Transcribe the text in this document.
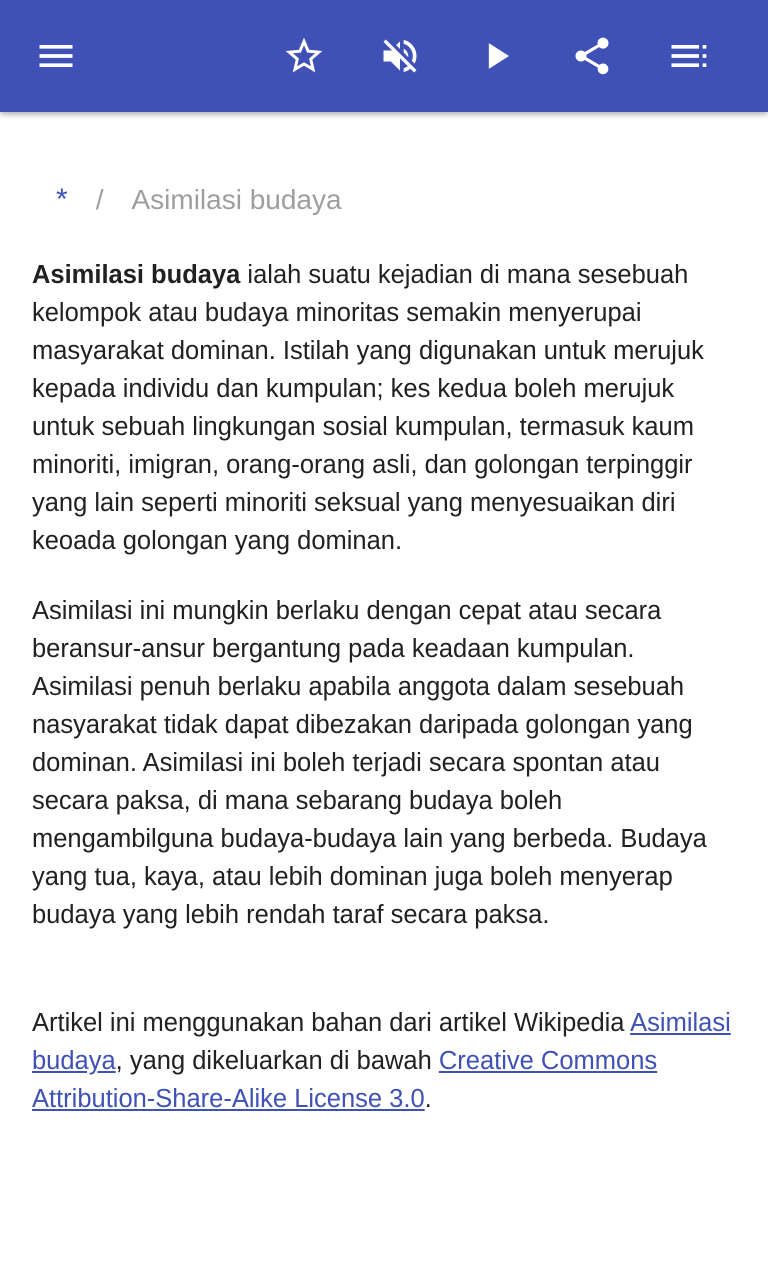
* / Asimilasi budaya

Asimilasi budaya ialah suatu kejadian di mana sesebuah kelompok atau budaya minoritas semakin menyerupai masyarakat dominan. Istilah yang digunakan untuk merujuk kepada individu dan kumpulan; kes kedua boleh merujuk untuk sebuah lingkungan sosial kumpulan, termasuk kaum minoriti, imigran, orang-orang asli, dan golongan terpinggir yang lain seperti minoriti seksual yang menyesuaikan diri keoada golongan yang dominan.

Asimilasi ini mungkin berlaku dengan cepat atau secara beransur-ansur bergantung pada keadaan kumpulan. Asimilasi penuh berlaku apabila anggota dalam sesebuah nasyarakat tidak dapat dibezakan daripada golongan yang dominan. Asimilasi ini boleh terjadi secara spontan atau secara paksa, di mana sebarang budaya boleh mengambilguna budaya-budaya lain yang berbeda. Budaya yang tua, kaya, atau lebih dominan juga boleh menyerap budaya yang lebih rendah taraf secara paksa.

Artikel ini menggunakan bahan dari artikel Wikipedia Asimilasi budaya, yang dikeluarkan di bawah Creative Commons Attribution-Share-Alike License 3.0.
